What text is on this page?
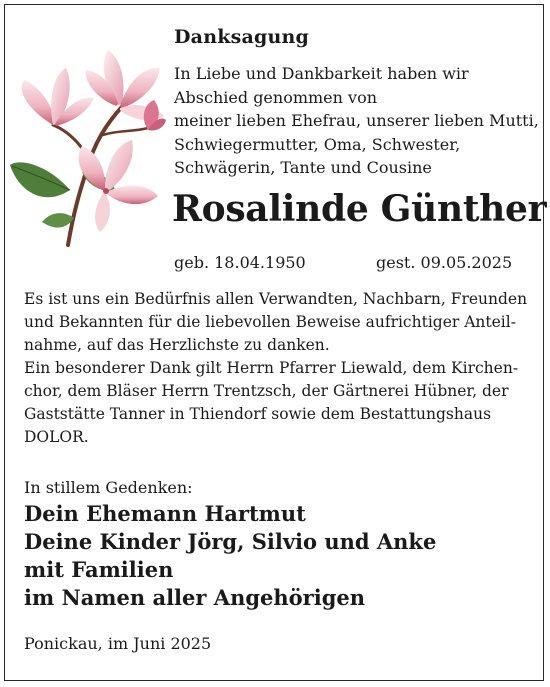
Danksagung
In Liebe und Dankbarkeit haben wir
Abschied genommen von
meiner lieben Ehefrau, unserer lieben Mutti,
Schwiegermutter, Oma, Schwester,
Schwägerin, Tante und Cousine
Rosalinde Günther
geb. 18.04.1950	gest. 09.05.2025
Es ist uns ein Bedürfnis allen Verwandten, Nachbarn, Freunden
und Bekannten für die liebevollen Beweise aufrichtiger Anteil-
nahme, auf das Herzlichste zu danken.
Ein besonderer Dank gilt Herrn Pfarrer Liewald, dem Kirchen-
chor, dem Bläser Herrn Trentzsch, der Gärtnerei Hübner, der
Gaststätte Tanner in Thiendorf sowie dem Bestattungshaus
DOLOR.
In stillem Gedenken:
Dein Ehemann Hartmut
Deine Kinder Jörg, Silvio und Anke
mit Familien
im Namen aller Angehörigen
Ponickau, im Juni 2025
